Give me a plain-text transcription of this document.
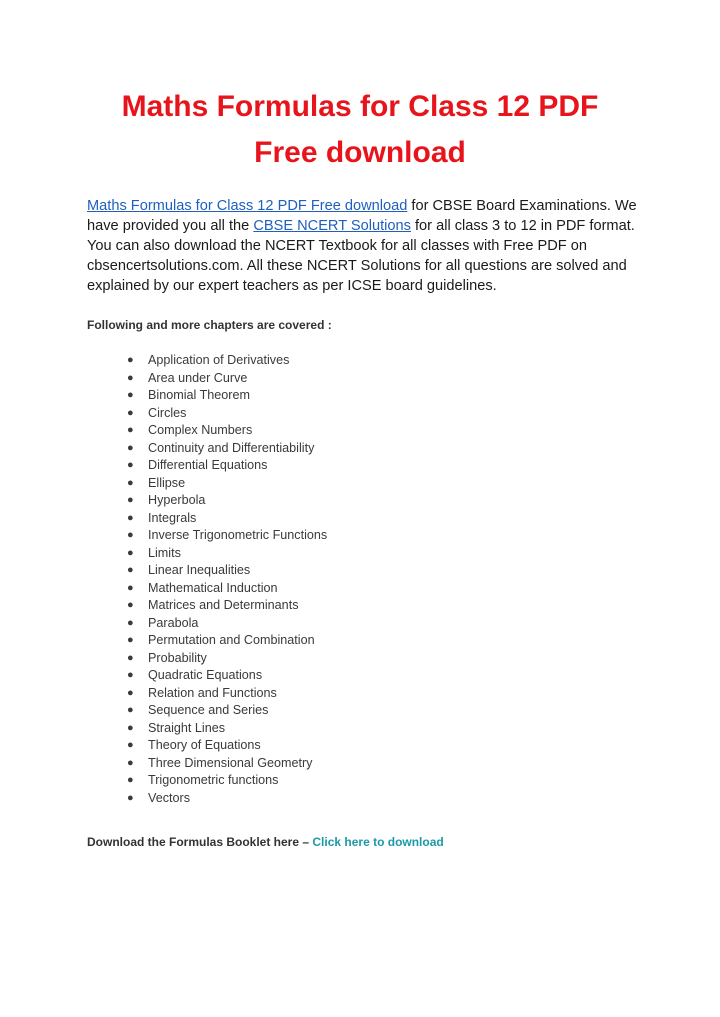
Maths Formulas for Class 12 PDF
Free download

Maths Formulas for Class 12 PDF Free download for CBSE Board Examinations. We have provided you all the CBSE NCERT Solutions for all class 3 to 12 in PDF format. You can also download the NCERT Textbook for all classes with Free PDF on cbsencertsolutions.com. All these NCERT Solutions for all questions are solved and explained by our expert teachers as per ICSE board guidelines.

Following and more chapters are covered :

● Application of Derivatives
● Area under Curve
● Binomial Theorem
● Circles
● Complex Numbers
● Continuity and Differentiability
● Differential Equations
● Ellipse
● Hyperbola
● Integrals
● Inverse Trigonometric Functions
● Limits
● Linear Inequalities
● Mathematical Induction
● Matrices and Determinants
● Parabola
● Permutation and Combination
● Probability
● Quadratic Equations
● Relation and Functions
● Sequence and Series
● Straight Lines
● Theory of Equations
● Three Dimensional Geometry
● Trigonometric functions
● Vectors

Download the Formulas Booklet here – Click here to download
